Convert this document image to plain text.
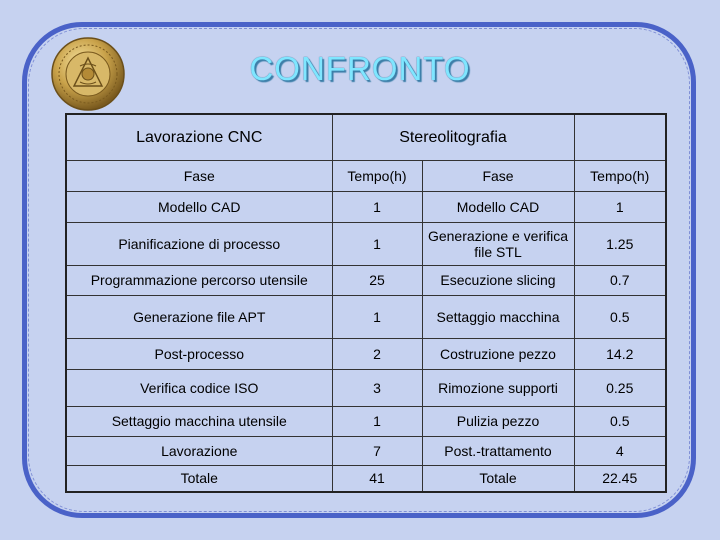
CONFRONTO
Lavorazione CNC	Stereolitografia		
Fase	Tempo(h)	Fase	Tempo(h)
Modello CAD	1	Modello CAD	1
Pianificazione di processo	1	Generazione e verifica file STL	1.25
Programmazione percorso utensile	25	Esecuzione slicing	0.7
Generazione file APT	1	Settaggio macchina	0.5
Post-processo	2	Costruzione pezzo	14.2
Verifica codice ISO	3	Rimozione supporti	0.25
Settaggio macchina utensile	1	Pulizia pezzo	0.5
Lavorazione	7	Post.-trattamento	4
Totale	41	Totale	22.45
